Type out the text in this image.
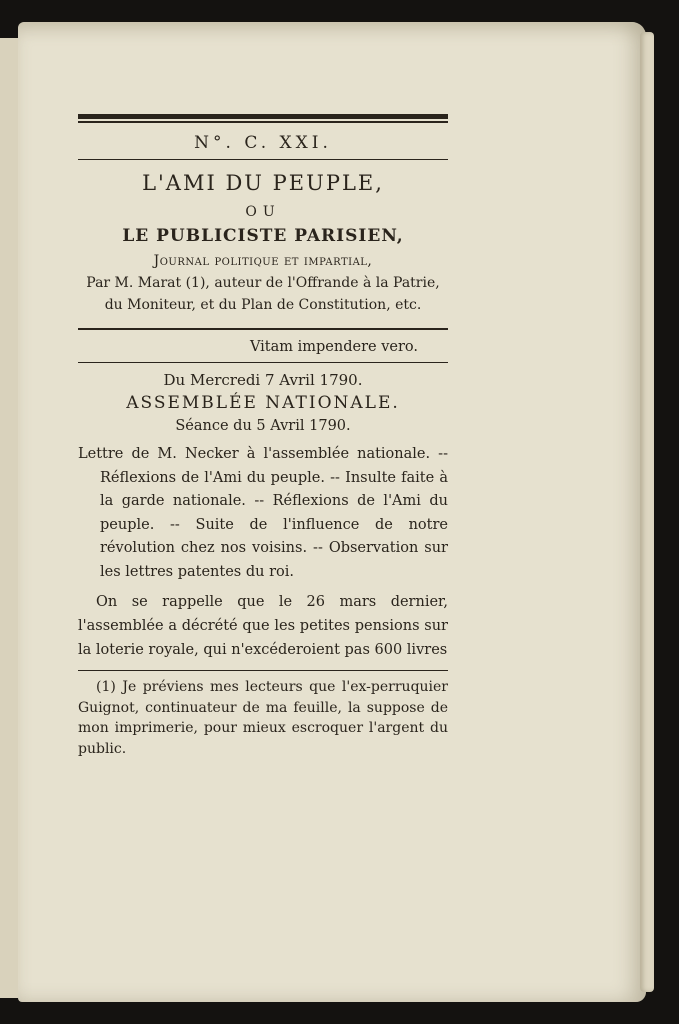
N°. C. XXI.
L'AMI DU PEUPLE,
OU
LE PUBLICISTE PARISIEN,
Journal politique et impartial,
Par M. Marat (1), auteur de l'Offrande à la Patrie,
du Moniteur, et du Plan de Constitution, etc.
Vitam impendere vero.
Du Mercredi 7 Avril 1790.
ASSEMBLÉE NATIONALE.
Séance du 5 Avril 1790.

Lettre de M. Necker à l'assemblée nationale. -- Réflexions de l'Ami du peuple. -- Insulte faite à la garde nationale. -- Réflexions de l'Ami du peuple. -- Suite de l'influence de notre révolution chez nos voisins. -- Observation sur les lettres patentes du roi.

On se rappelle que le 26 mars dernier, l'assemblée a décrété que les petites pensions sur la loterie royale, qui n'excéderoient pas 600 livres

(1) Je préviens mes lecteurs que l'ex-perruquier Guignot, continuateur de ma feuille, la suppose de mon imprimerie, pour mieux escroquer l'argent du public.
